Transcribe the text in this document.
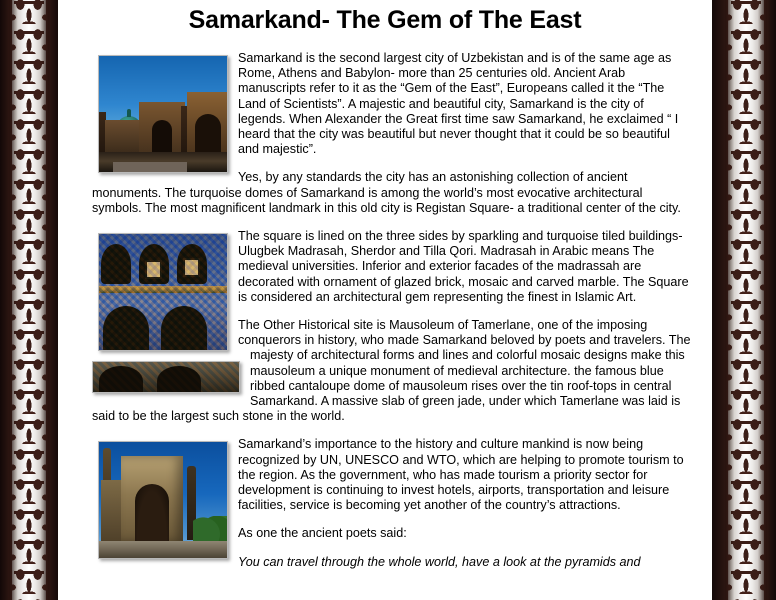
Samarkand- The Gem of The East

Samarkand is the second largest city of Uzbekistan and is of the same age as Rome, Athens and Babylon- more than 25 centuries old. Ancient Arab manuscripts refer to it as the “Gem of the East”, Europeans called it the “The Land of Scientists”. A majestic and beautiful city, Samarkand is the city of legends. When Alexander the Great first time saw Samarkand, he exclaimed “ I heard that the city was beautiful but never thought that it could be so beautiful and majestic”.

Yes, by any standards the city has an astonishing collection of ancient monuments. The turquoise domes of Samarkand is among the world’s most evocative architectural symbols. The most magnificent landmark in this old city is Registan Square- a traditional center of the city.

The square is lined on the three sides by sparkling and turquoise tiled buildings- Ulugbek Madrasah, Sherdor and Tilla Qori. Madrasah in Arabic means The medieval universities. Inferior and exterior facades of the madrassah are decorated with ornament of glazed brick, mosaic and carved marble. The Square is considered an architectural gem representing the finest in Islamic Art.

The Other Historical site is Mausoleum of Tamerlane, one of the imposing conquerors in history, who made Samarkand beloved by poets and travelers. The majesty of architectural forms and lines and colorful mosaic designs make this mausoleum a unique monument of medieval architecture. the famous blue ribbed cantaloupe dome of mausoleum rises over the tin roof-tops in central Samarkand. A massive slab of green jade, under which Tamerlane was laid is said to be the largest such stone in the world.

Samarkand’s importance to the history and culture mankind is now being recognized by UN, UNESCO and WTO, which are helping to promote tourism to the region. As the government, who has made tourism a priority sector for development is continuing to invest hotels, airports, transportation and leisure facilities, service is becoming yet another of the country’s attractions.

As one the ancient poets said:

You can travel through the whole world, have a look at the pyramids and
